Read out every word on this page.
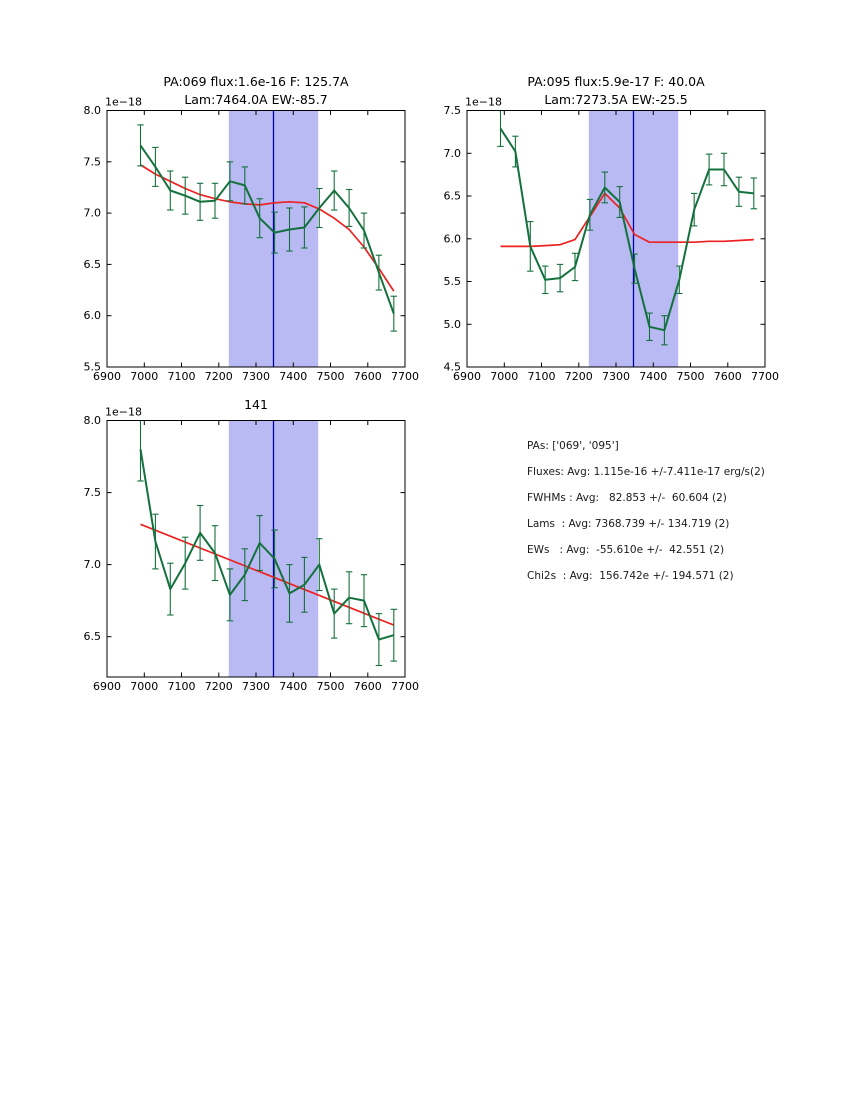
6900 7000 7100 7200 7300 7400 7500 7600 7700
5.5
6.0
6.5
7.0
7.5
8.0
1e−18
PA:069 flux:1.6e-16 F: 125.7A
Lam:7464.0A EW:-85.7
6900 7000 7100 7200 7300 7400 7500 7600 7700
4.5
5.0
5.5
6.0
6.5
7.0
7.5
1e−18
PA:095 flux:5.9e-17 F: 40.0A
Lam:7273.5A EW:-25.5
6900 7000 7100 7200 7300 7400 7500 7600 7700
6.5
7.0
7.5
8.0
1e−18	141
PAs: ['069', '095']
Fluxes: Avg: 1.115e-16 +/-7.411e-17 erg/s(2)
FWHMs : Avg:   82.853 +/-  60.604 (2)
Lams  : Avg: 7368.739 +/- 134.719 (2)
EWs   : Avg:  -55.610e +/-  42.551 (2)
Chi2s  : Avg:  156.742e +/- 194.571 (2)
